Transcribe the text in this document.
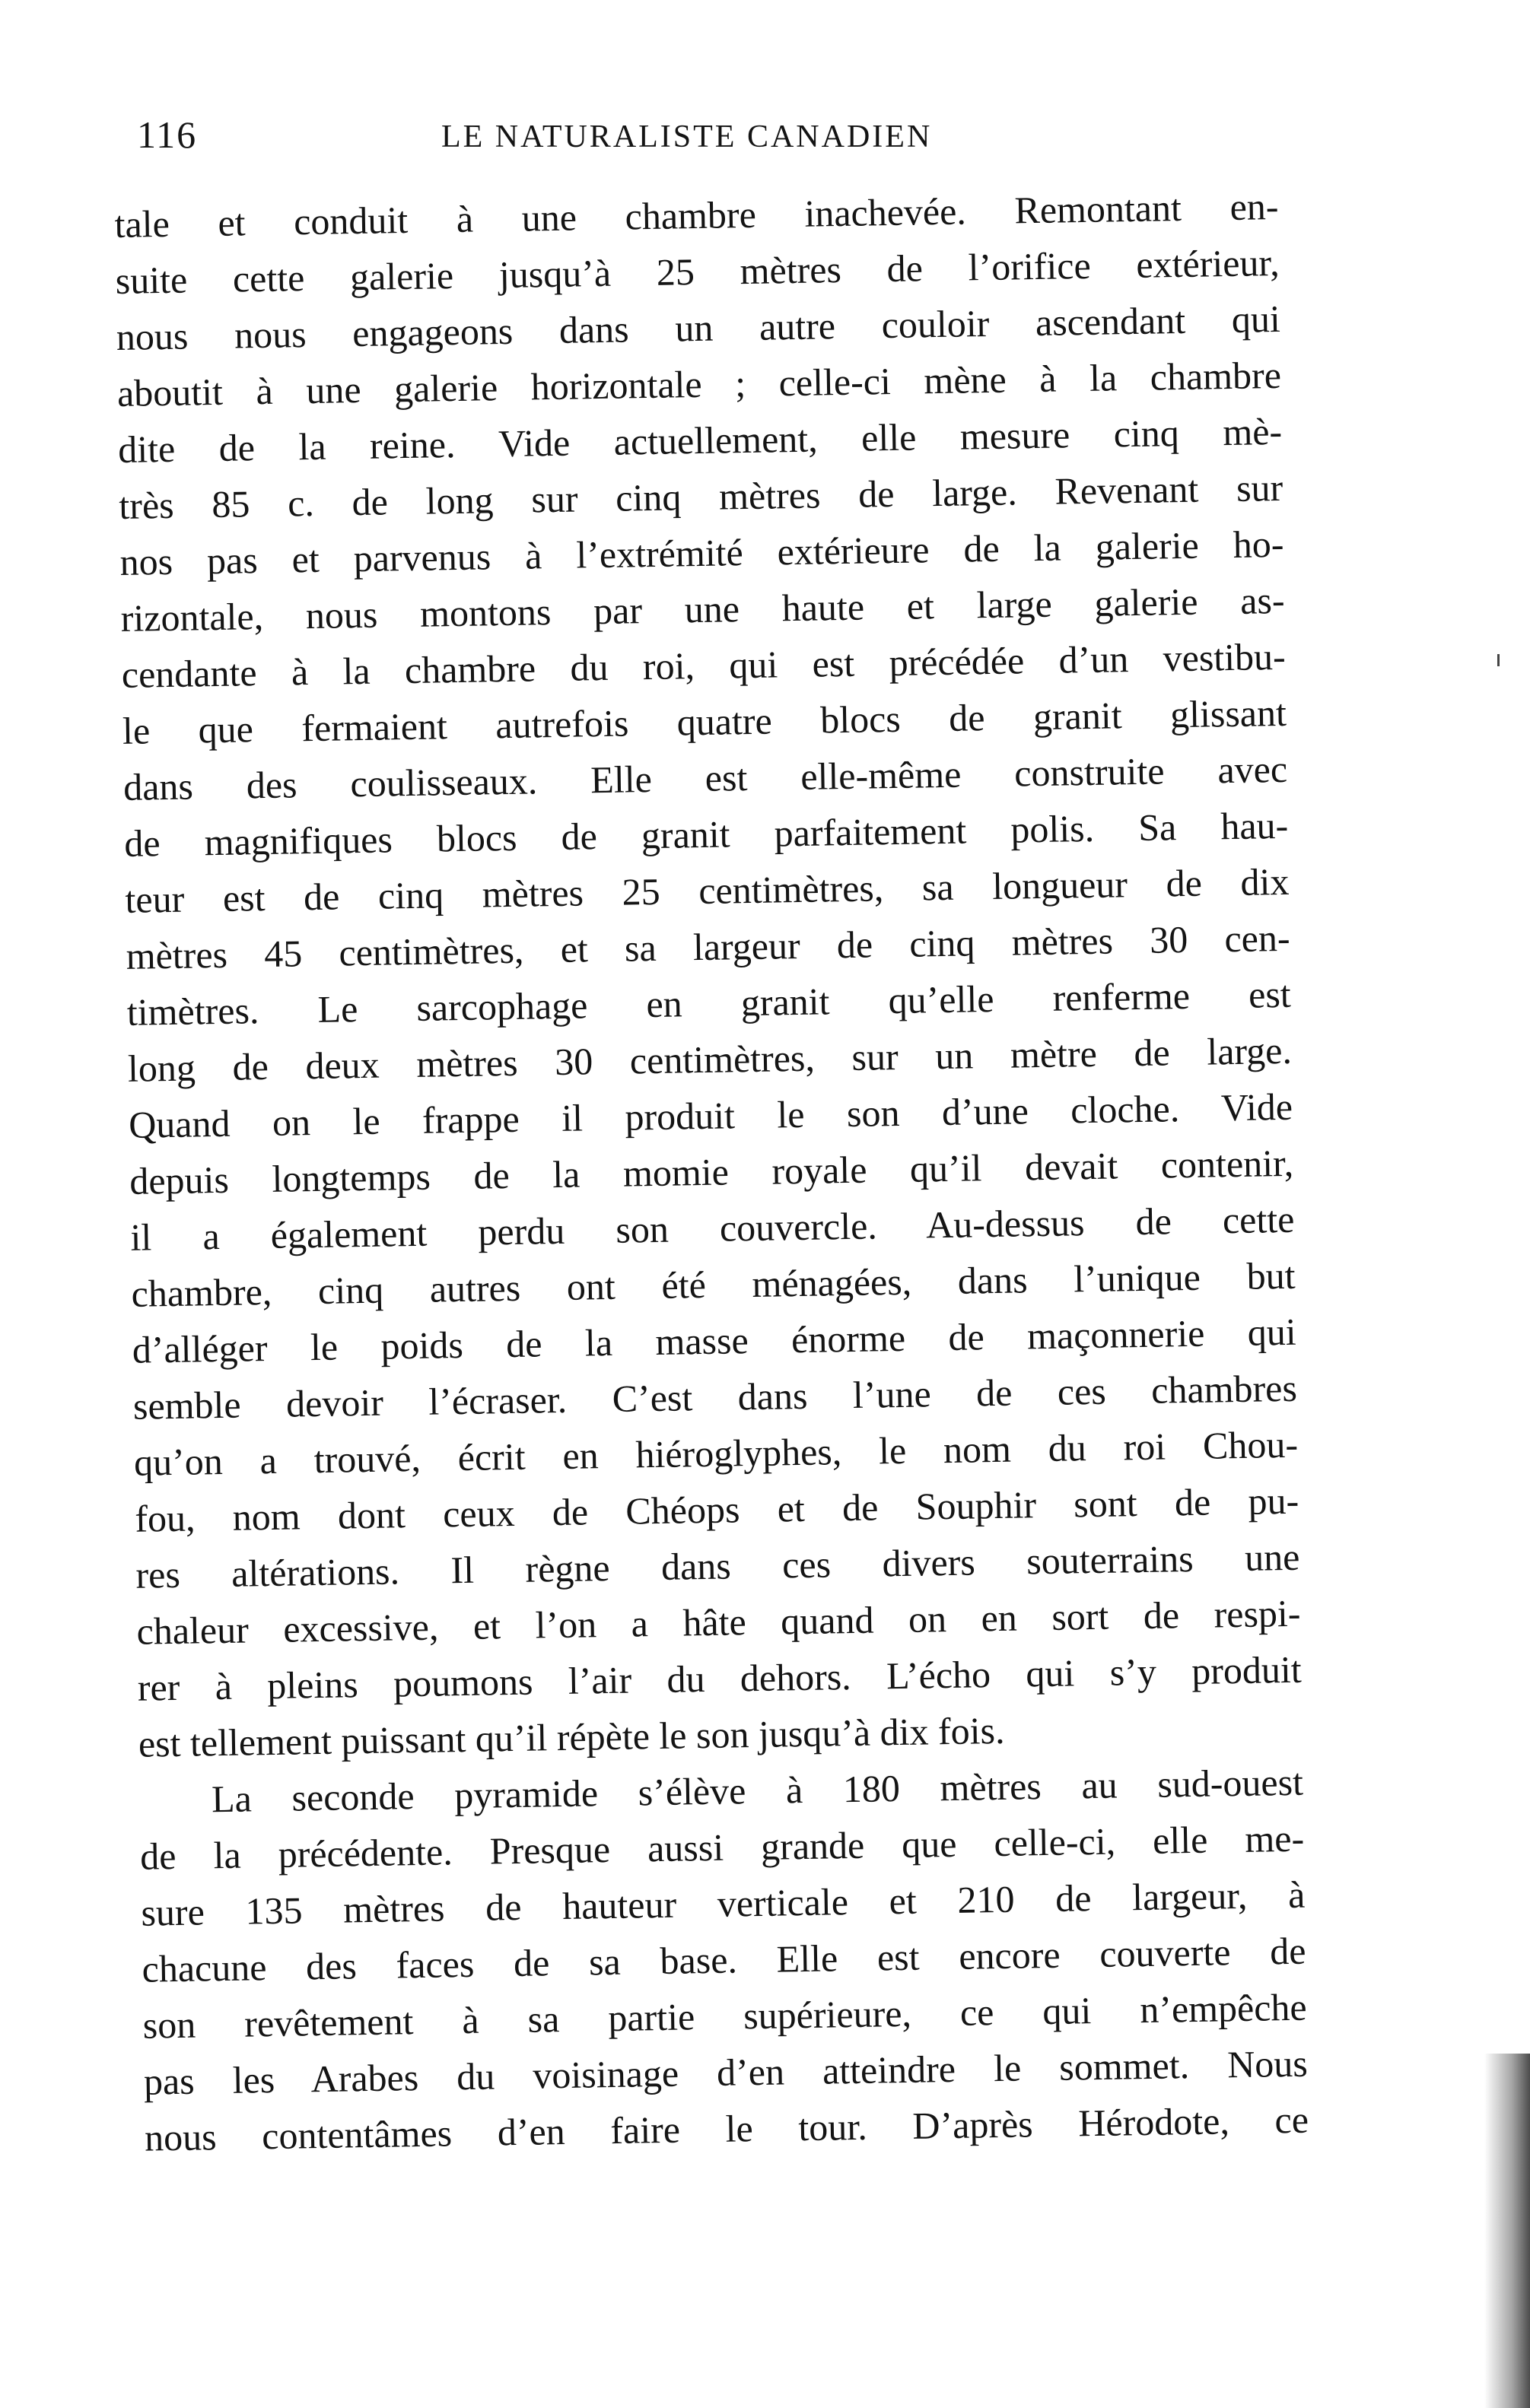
116	LE NATURALISTE CANADIEN
tale et conduit à une chambre inachevée. Remontant en-
suite cette galerie jusqu’à 25 mètres de l’orifice extérieur,
nous nous engageons dans un autre couloir ascendant qui
aboutit à une galerie horizontale ; celle-ci mène à la chambre
dite de la reine. Vide actuellement, elle mesure cinq mè-
très 85 c. de long sur cinq mètres de large. Revenant sur
nos pas et parvenus à l’extrémité extérieure de la galerie ho-
rizontale, nous montons par une haute et large galerie as-
cendante à la chambre du roi, qui est précédée d’un vestibu-
le que fermaient autrefois quatre blocs de granit glissant
dans des coulisseaux. Elle est elle-même construite avec
de magnifiques blocs de granit parfaitement polis. Sa hau-
teur est de cinq mètres 25 centimètres, sa longueur de dix
mètres 45 centimètres, et sa largeur de cinq mètres 30 cen-
timètres. Le sarcophage en granit qu’elle renferme est
long de deux mètres 30 centimètres, sur un mètre de large.
Quand on le frappe il produit le son d’une cloche. Vide
depuis longtemps de la momie royale qu’il devait contenir,
il a également perdu son couvercle. Au-dessus de cette
chambre, cinq autres ont été ménagées, dans l’unique but
d’alléger le poids de la masse énorme de maçonnerie qui
semble devoir l’écraser. C’est dans l’une de ces chambres
qu’on a trouvé, écrit en hiéroglyphes, le nom du roi Chou-
fou, nom dont ceux de Chéops et de Souphir sont de pu-
res altérations. Il règne dans ces divers souterrains une
chaleur excessive, et l’on a hâte quand on en sort de respi-
rer à pleins poumons l’air du dehors. L’écho qui s’y produit
est tellement puissant qu’il répète le son jusqu’à dix fois.
La seconde pyramide s’élève à 180 mètres au sud-ouest
de la précédente. Presque aussi grande que celle-ci, elle me-
sure 135 mètres de hauteur verticale et 210 de largeur, à
chacune des faces de sa base. Elle est encore couverte de
son revêtement à sa partie supérieure, ce qui n’empêche
pas les Arabes du voisinage d’en atteindre le sommet. Nous
nous contentâmes d’en faire le tour. D’après Hérodote, ce
